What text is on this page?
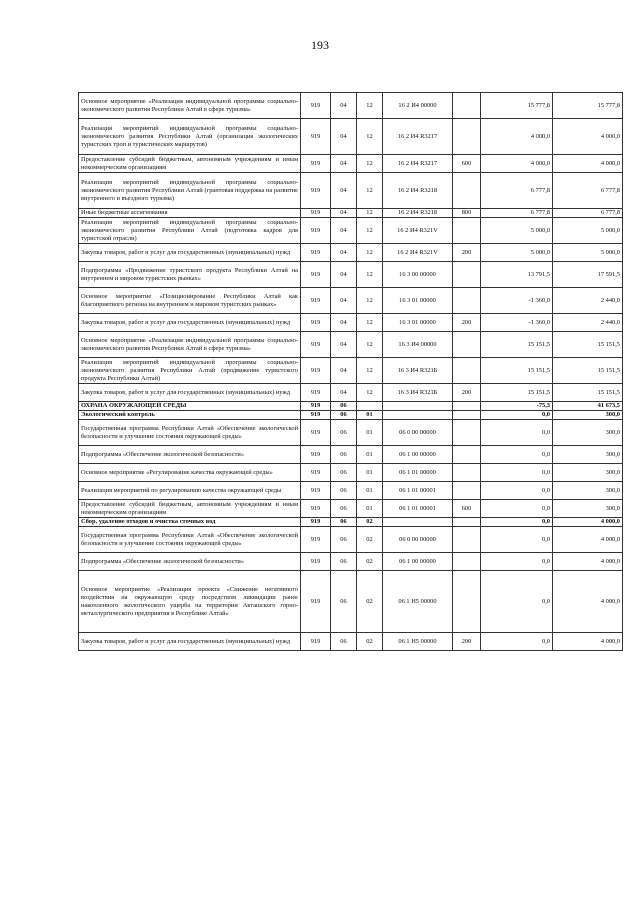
193
Основное мероприятие «Реализация индивидуальной программы социально-экономического развития Республики Алтай в сфере туризма»	919	04	12	16 2 И4 00000		15 777,8	15 777,8
Реализация мероприятий индивидуальной программы социально-экономического развития Республики Алтай (организация экологических туристских троп и туристических маршрутов)	919	04	12	16 2 И4 R3217		4 000,0	4 000,0
Предоставление субсидий бюджетным, автономным учреждениям и иным некоммерческим организациям	919	04	12	16 2 И4 R3217	600	4 000,0	4 000,0
Реализация мероприятий индивидуальной программы социально-экономического развития Республики Алтай (грантовая поддержка на развитие внутреннего и въездного туризма)	919	04	12	16 2 И4 R3218		6 777,8	6 777,8
Иные бюджетные ассигнования	919	04	12	16 2 И4 R3218	800	6 777,8	6 777,8
Реализация мероприятий индивидуальной программы социально-экономического развития Республики Алтай (подготовка кадров для туристской отрасли)	919	04	12	16 2 И4 R321V		5 000,0	5 000,0
Закупка товаров, работ и услуг для государственных (муниципальных) нужд	919	04	12	16 2 И4 R321V	200	5 000,0	5 000,0
Подпрограмма «Продвижение туристского продукта Республики Алтай на внутреннем и мировом туристских рынках»	919	04	12	16 3 00 00000		13 791,5	17 591,5
Основное мероприятие «Позиционирование Республики Алтай как благоприятного региона на внутреннем и мировом туристских рынках»	919	04	12	16 3 01 00000		-1 360,0	2 440,0
Закупка товаров, работ и услуг для государственных (муниципальных) нужд	919	04	12	16 3 01 00000	200	-1 360,0	2 440,0
Основное мероприятие «Реализация индивидуальной программы социально-экономического развития Республики Алтай в сфере туризма»	919	04	12	16 3 И4 00000		15 151,5	15 151,5
Реализация мероприятий индивидуальной программы социально-экономического развития Республики Алтай (продвижение туристского продукта Республики Алтай)	919	04	12	16 3 И4 R321Б		15 151,5	15 151,5
Закупка товаров, работ и услуг для государственных (муниципальных) нужд	919	04	12	16 3 И4 R321Б	200	15 151,5	15 151,5
ОХРАНА ОКРУЖАЮЩЕЙ СРЕДЫ	919	06				-75,3	41 673,5
Экологический контроль	919	06	01			0,0	300,0
Государственная программа Республики Алтай «Обеспечение экологической безопасности и улучшение состояния окружающей среды»	919	06	01	06 0 00 00000		0,0	300,0
Подпрограмма «Обеспечение экологической безопасности»	919	06	01	06 1 00 00000		0,0	300,0
Основное мероприятие «Регулирование качества окружающей среды»	919	06	01	06 1 01 00000		0,0	300,0
Реализация мероприятий по регулированию качества окружающей среды	919	06	01	06 1 01 00001		0,0	300,0
Предоставление субсидий бюджетным, автономным учреждениям и иным некоммерческим организациям	919	06	01	06 1 01 00001	600	0,0	300,0
Сбор, удаление отходов и очистка сточных вод	919	06	02			0,0	4 000,0
Государственная программа Республики Алтай «Обеспечение экологической безопасности и улучшение состояния окружающей среды»	919	06	02	06 0 00 00000		0,0	4 000,0
Подпрограмма «Обеспечение экологической безопасности»	919	06	02	06 1 00 00000		0,0	4 000,0
Основное мероприятие «Реализация проекта «Снижение негативного воздействия на окружающую среду посредством ликвидации ранее накопленного экологического ущерба на территории Акташского горно-металлургического предприятия в Республике Алтай»	919	06	02	06 1 Н5 00000		0,0	4 000,0
Закупка товаров, работ и услуг для государственных (муниципальных) нужд	919	06	02	06 1 Н5 00000	200	0,0	4 000,0
